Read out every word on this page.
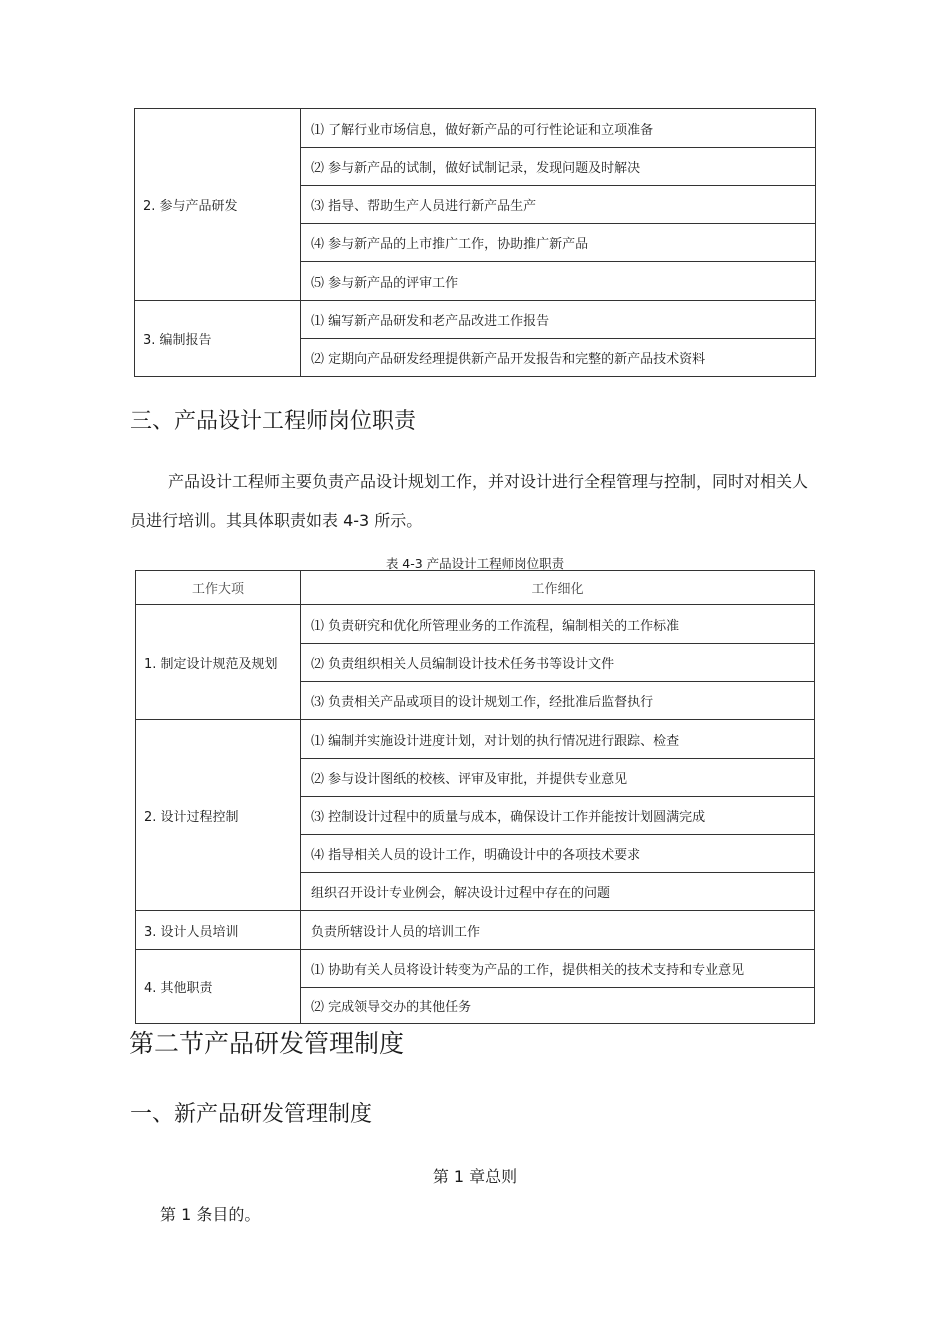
2. 参与产品研发	⑴ 了解行业市场信息，做好新产品的可行性论证和立项准备
	⑵ 参与新产品的试制，做好试制记录，发现问题及时解决
	⑶ 指导、帮助生产人员进行新产品生产
	⑷ 参与新产品的上市推广工作，协助推广新产品
	⑸ 参与新产品的评审工作
3. 编制报告	⑴ 编写新产品研发和老产品改进工作报告
	⑵ 定期向产品研发经理提供新产品开发报告和完整的新产品技术资料
三、产品设计工程师岗位职责
产品设计工程师主要负责产品设计规划工作，并对设计进行全程管理与控制，同时对相关人员进行培训。其具体职责如表 4-3 所示。
表 4-3 产品设计工程师岗位职责
工作大项	工作细化
1. 制定设计规范及规划	⑴ 负责研究和优化所管理业务的工作流程，编制相关的工作标准
	⑵ 负责组织相关人员编制设计技术任务书等设计文件
	⑶ 负责相关产品或项目的设计规划工作，经批准后监督执行
2. 设计过程控制	⑴ 编制并实施设计进度计划，对计划的执行情况进行跟踪、检查
	⑵ 参与设计图纸的校核、评审及审批，并提供专业意见
	⑶ 控制设计过程中的质量与成本，确保设计工作并能按计划圆满完成
	⑷ 指导相关人员的设计工作，明确设计中的各项技术要求
	组织召开设计专业例会，解决设计过程中存在的问题
3. 设计人员培训	负责所辖设计人员的培训工作
4. 其他职责	⑴ 协助有关人员将设计转变为产品的工作，提供相关的技术支持和专业意见
	⑵ 完成领导交办的其他任务
第二节产品研发管理制度
一、新产品研发管理制度
第 1 章总则
第 1 条目的。
